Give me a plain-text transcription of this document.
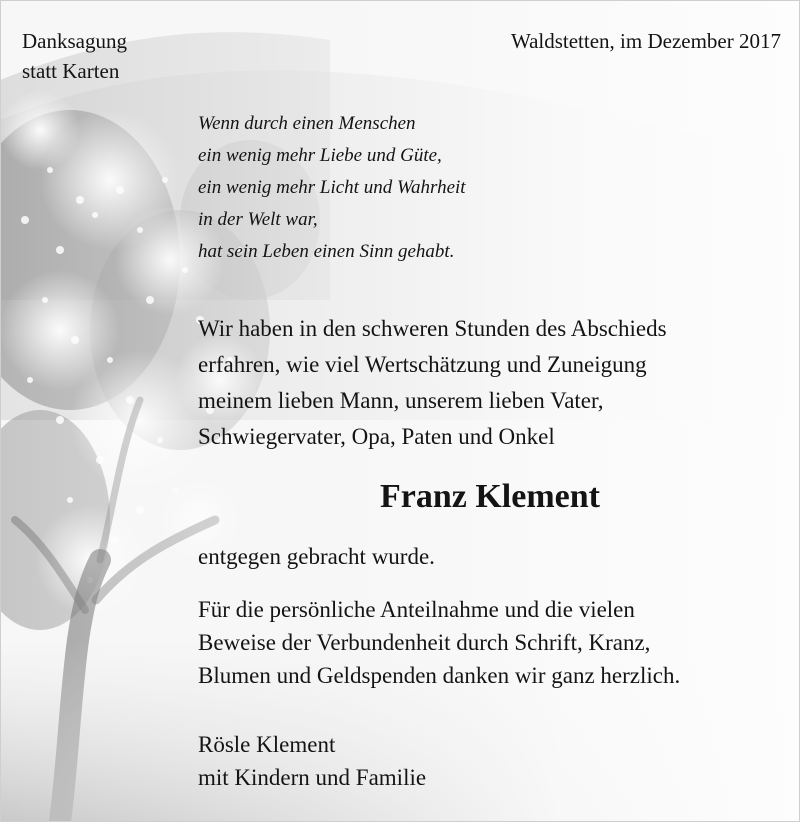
Danksagung
statt Karten
Waldstetten, im Dezember 2017
Wenn durch einen Menschen
ein wenig mehr Liebe und Güte,
ein wenig mehr Licht und Wahrheit
in der Welt war,
hat sein Leben einen Sinn gehabt.
Wir haben in den schweren Stunden des Abschieds
erfahren, wie viel Wertschätzung und Zuneigung
meinem lieben Mann, unserem lieben Vater,
Schwiegervater, Opa, Paten und Onkel
Franz Klement
entgegen gebracht wurde.
Für die persönliche Anteilnahme und die vielen
Beweise der Verbundenheit durch Schrift, Kranz,
Blumen und Geldspenden danken wir ganz herzlich.
Rösle Klement
mit Kindern und Familie
